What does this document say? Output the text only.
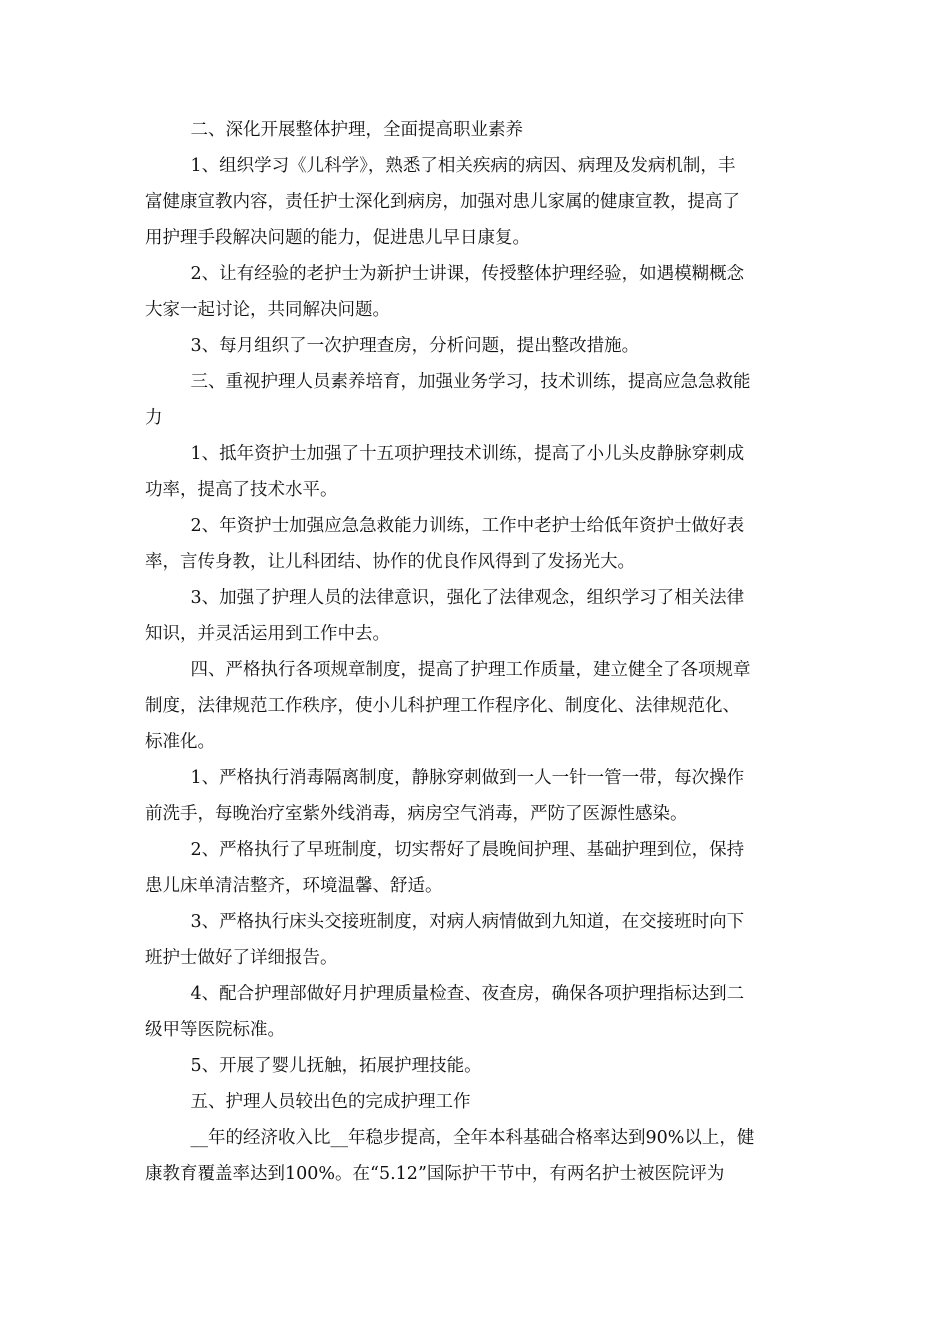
二、深化开展整体护理，全面提高职业素养

1、组织学习《儿科学》，熟悉了相关疾病的病因、病理及发病机制，丰
富健康宣教内容，责任护士深化到病房，加强对患儿家属的健康宣教，提高了
用护理手段解决问题的能力，促进患儿早日康复。

2、让有经验的老护士为新护士讲课，传授整体护理经验，如遇模糊概念
大家一起讨论，共同解决问题。

3、每月组织了一次护理查房，分析问题，提出整改措施。

三、重视护理人员素养培育，加强业务学习，技术训练，提高应急急救能
力

1、抵年资护士加强了十五项护理技术训练，提高了小儿头皮静脉穿刺成
功率，提高了技术水平。

2、年资护士加强应急急救能力训练，工作中老护士给低年资护士做好表
率，言传身教，让儿科团结、协作的优良作风得到了发扬光大。

3、加强了护理人员的法律意识，强化了法律观念，组织学习了相关法律
知识，并灵活运用到工作中去。

四、严格执行各项规章制度，提高了护理工作质量，建立健全了各项规章
制度，法律规范工作秩序，使小儿科护理工作程序化、制度化、法律规范化、
标准化。

1、严格执行消毒隔离制度，静脉穿刺做到一人一针一管一带，每次操作
前洗手，每晚治疗室紫外线消毒，病房空气消毒，严防了医源性感染。

2、严格执行了早班制度，切实帮好了晨晚间护理、基础护理到位，保持
患儿床单清洁整齐，环境温馨、舒适。

3、严格执行床头交接班制度，对病人病情做到九知道，在交接班时向下
班护士做好了详细报告。

4、配合护理部做好月护理质量检查、夜查房，确保各项护理指标达到二
级甲等医院标准。

5、开展了婴儿抚触，拓展护理技能。

五、护理人员较出色的完成护理工作

__年的经济收入比__年稳步提高，全年本科基础合格率达到90%以上，健
康教育覆盖率达到100%。在“5.12”国际护干节中，有两名护士被医院评为
